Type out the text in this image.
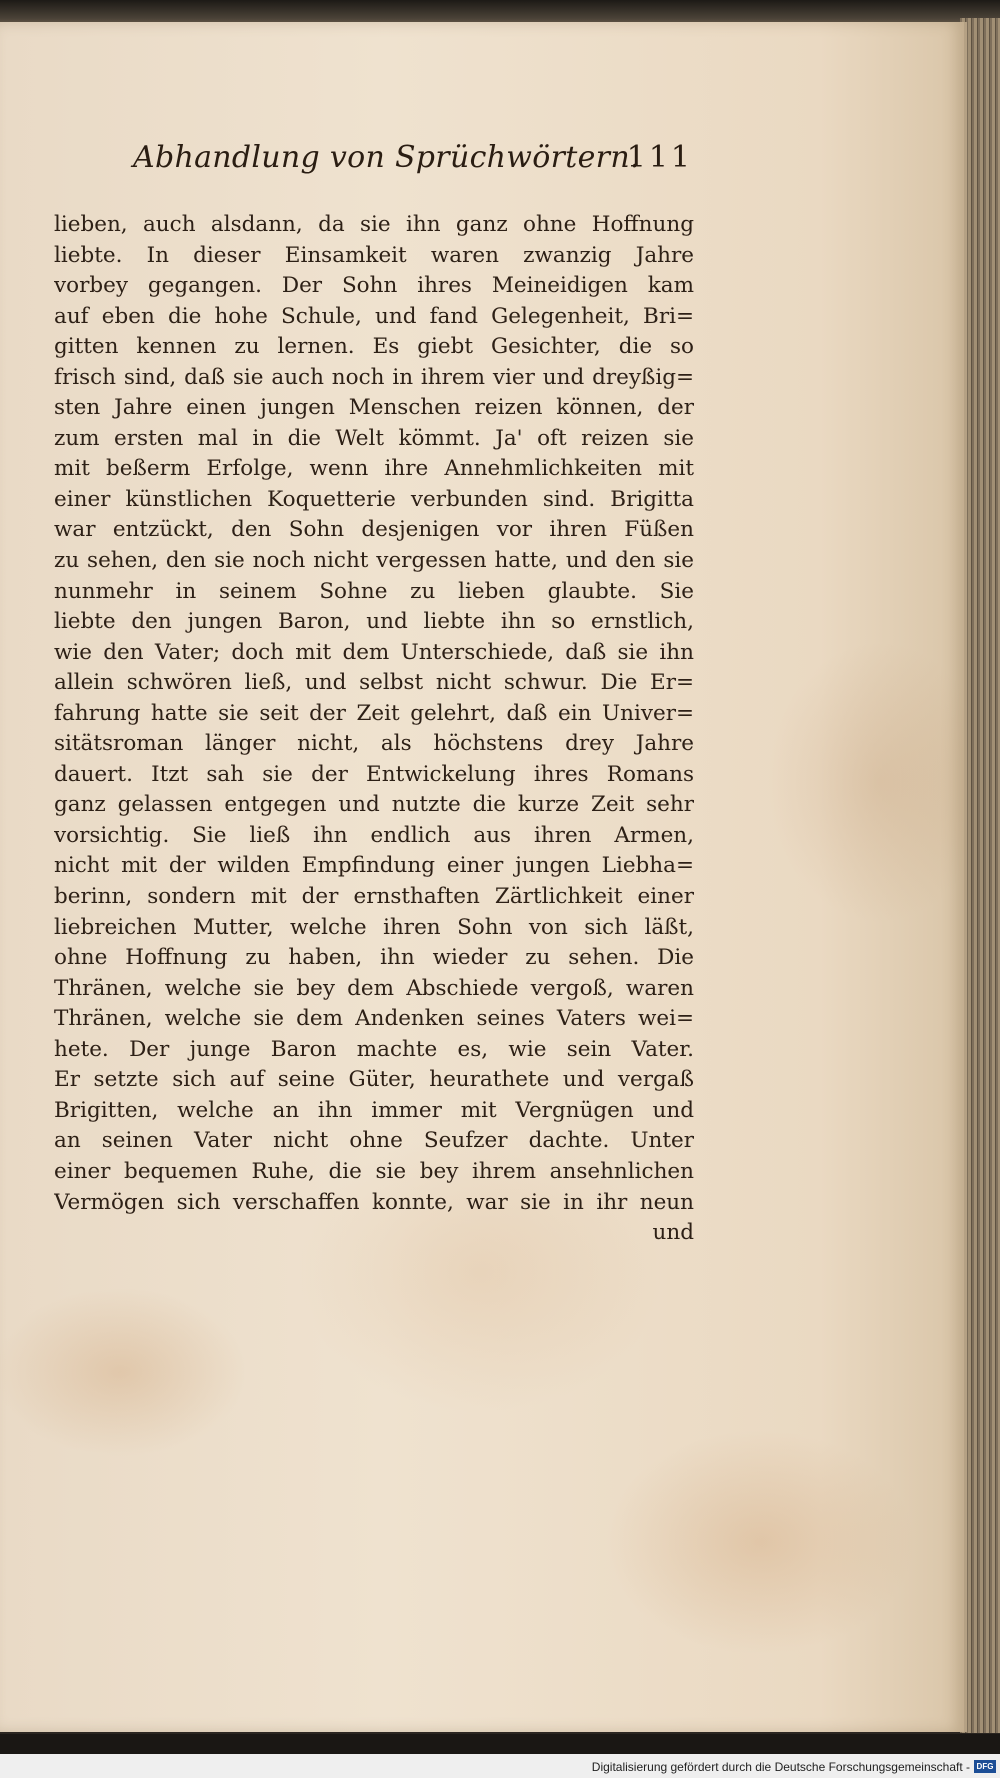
Abhandlung von Sprüchwörtern.
111
lieben, auch alsdann, da sie ihn ganz ohne Hoffnung
liebte. In dieser Einsamkeit waren zwanzig Jahre
vorbey gegangen. Der Sohn ihres Meineidigen kam
auf eben die hohe Schule, und fand Gelegenheit, Bri=
gitten kennen zu lernen. Es giebt Gesichter, die so
frisch sind, daß sie auch noch in ihrem vier und dreyßig=
sten Jahre einen jungen Menschen reizen können, der
zum ersten mal in die Welt kömmt. Ja' oft reizen sie
mit beßerm Erfolge, wenn ihre Annehmlichkeiten mit
einer künstlichen Koquetterie verbunden sind. Brigitta
war entzückt, den Sohn desjenigen vor ihren Füßen
zu sehen, den sie noch nicht vergessen hatte, und den sie
nunmehr in seinem Sohne zu lieben glaubte. Sie
liebte den jungen Baron, und liebte ihn so ernstlich,
wie den Vater; doch mit dem Unterschiede, daß sie ihn
allein schwören ließ, und selbst nicht schwur. Die Er=
fahrung hatte sie seit der Zeit gelehrt, daß ein Univer=
sitätsroman länger nicht, als höchstens drey Jahre
dauert. Itzt sah sie der Entwickelung ihres Romans
ganz gelassen entgegen und nutzte die kurze Zeit sehr
vorsichtig. Sie ließ ihn endlich aus ihren Armen,
nicht mit der wilden Empfindung einer jungen Liebha=
berinn, sondern mit der ernsthaften Zärtlichkeit einer
liebreichen Mutter, welche ihren Sohn von sich läßt,
ohne Hoffnung zu haben, ihn wieder zu sehen. Die
Thränen, welche sie bey dem Abschiede vergoß, waren
Thränen, welche sie dem Andenken seines Vaters wei=
hete. Der junge Baron machte es, wie sein Vater.
Er setzte sich auf seine Güter, heurathete und vergaß
Brigitten, welche an ihn immer mit Vergnügen und
an seinen Vater nicht ohne Seufzer dachte. Unter
einer bequemen Ruhe, die sie bey ihrem ansehnlichen
Vermögen sich verschaffen konnte, war sie in ihr neun
und
Digitalisierung gefördert durch die Deutsche Forschungsgemeinschaft - DFG
